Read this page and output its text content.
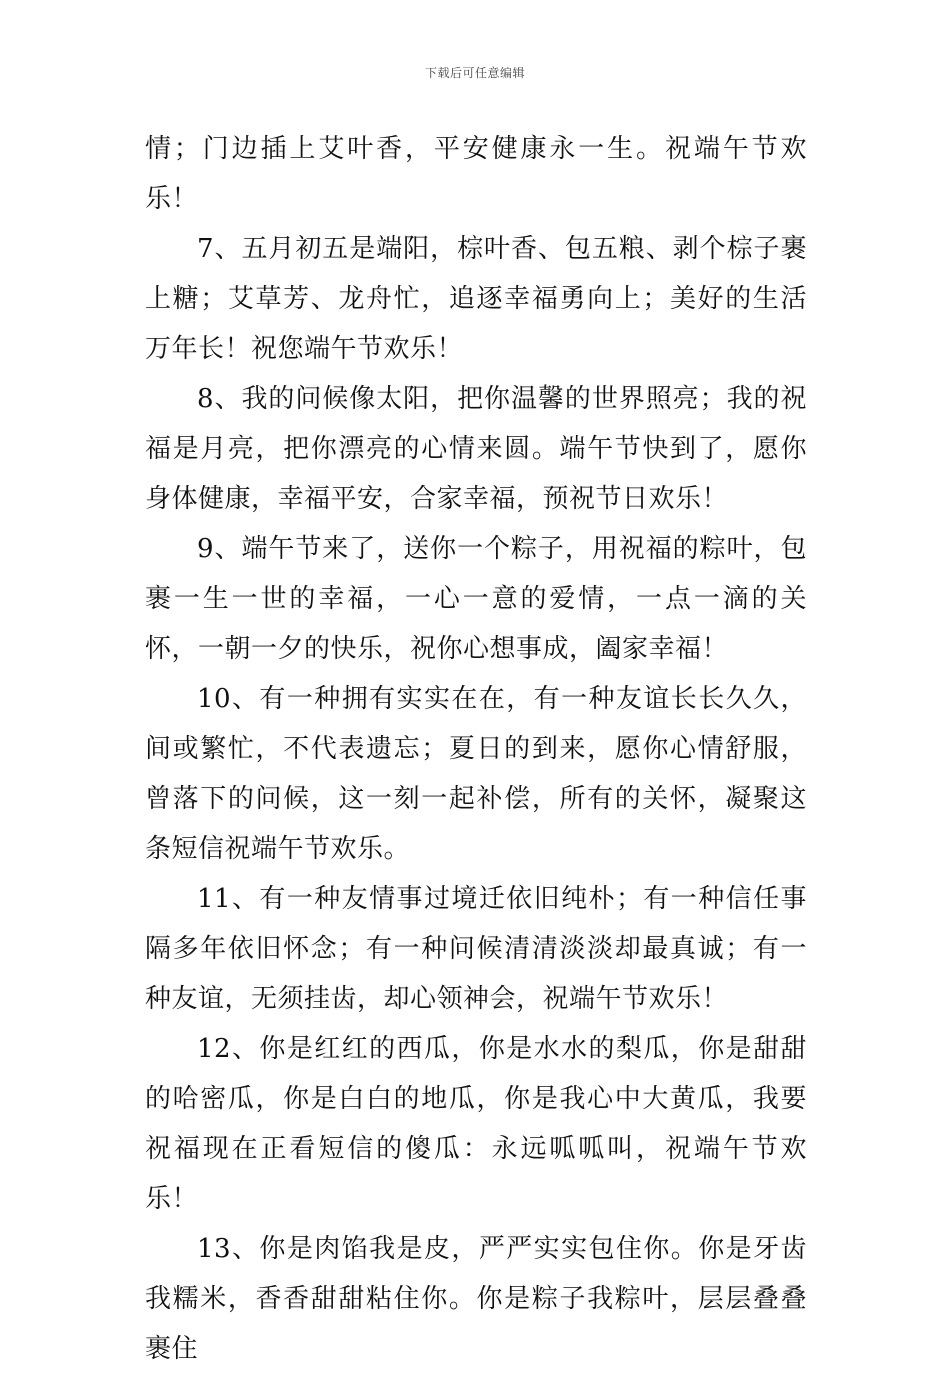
下载后可任意编辑

情；门边插上艾叶香，平安健康永一生。祝端午节欢乐！

7、五月初五是端阳，棕叶香、包五粮、剥个棕子裹上糖；艾草芳、龙舟忙，追逐幸福勇向上；美好的生活万年长！祝您端午节欢乐！

8、我的问候像太阳，把你温馨的世界照亮；我的祝福是月亮，把你漂亮的心情来圆。端午节快到了，愿你身体健康，幸福平安，合家幸福，预祝节日欢乐！

9、端午节来了，送你一个粽子，用祝福的粽叶，包裹一生一世的幸福，一心一意的爱情，一点一滴的关怀，一朝一夕的快乐，祝你心想事成，阖家幸福！

10、有一种拥有实实在在，有一种友谊长长久久，间或繁忙，不代表遗忘；夏日的到来，愿你心情舒服，曾落下的问候，这一刻一起补偿，所有的关怀，凝聚这条短信祝端午节欢乐。

11、有一种友情事过境迁依旧纯朴；有一种信任事隔多年依旧怀念；有一种问候清清淡淡却最真诚；有一种友谊，无须挂齿，却心领神会，祝端午节欢乐！

12、你是红红的西瓜，你是水水的梨瓜，你是甜甜的哈密瓜，你是白白的地瓜，你是我心中大黄瓜，我要祝福现在正看短信的傻瓜：永远呱呱叫，祝端午节欢乐！

13、你是肉馅我是皮，严严实实包住你。你是牙齿我糯米，香香甜甜粘住你。你是粽子我粽叶，层层叠叠裹住
